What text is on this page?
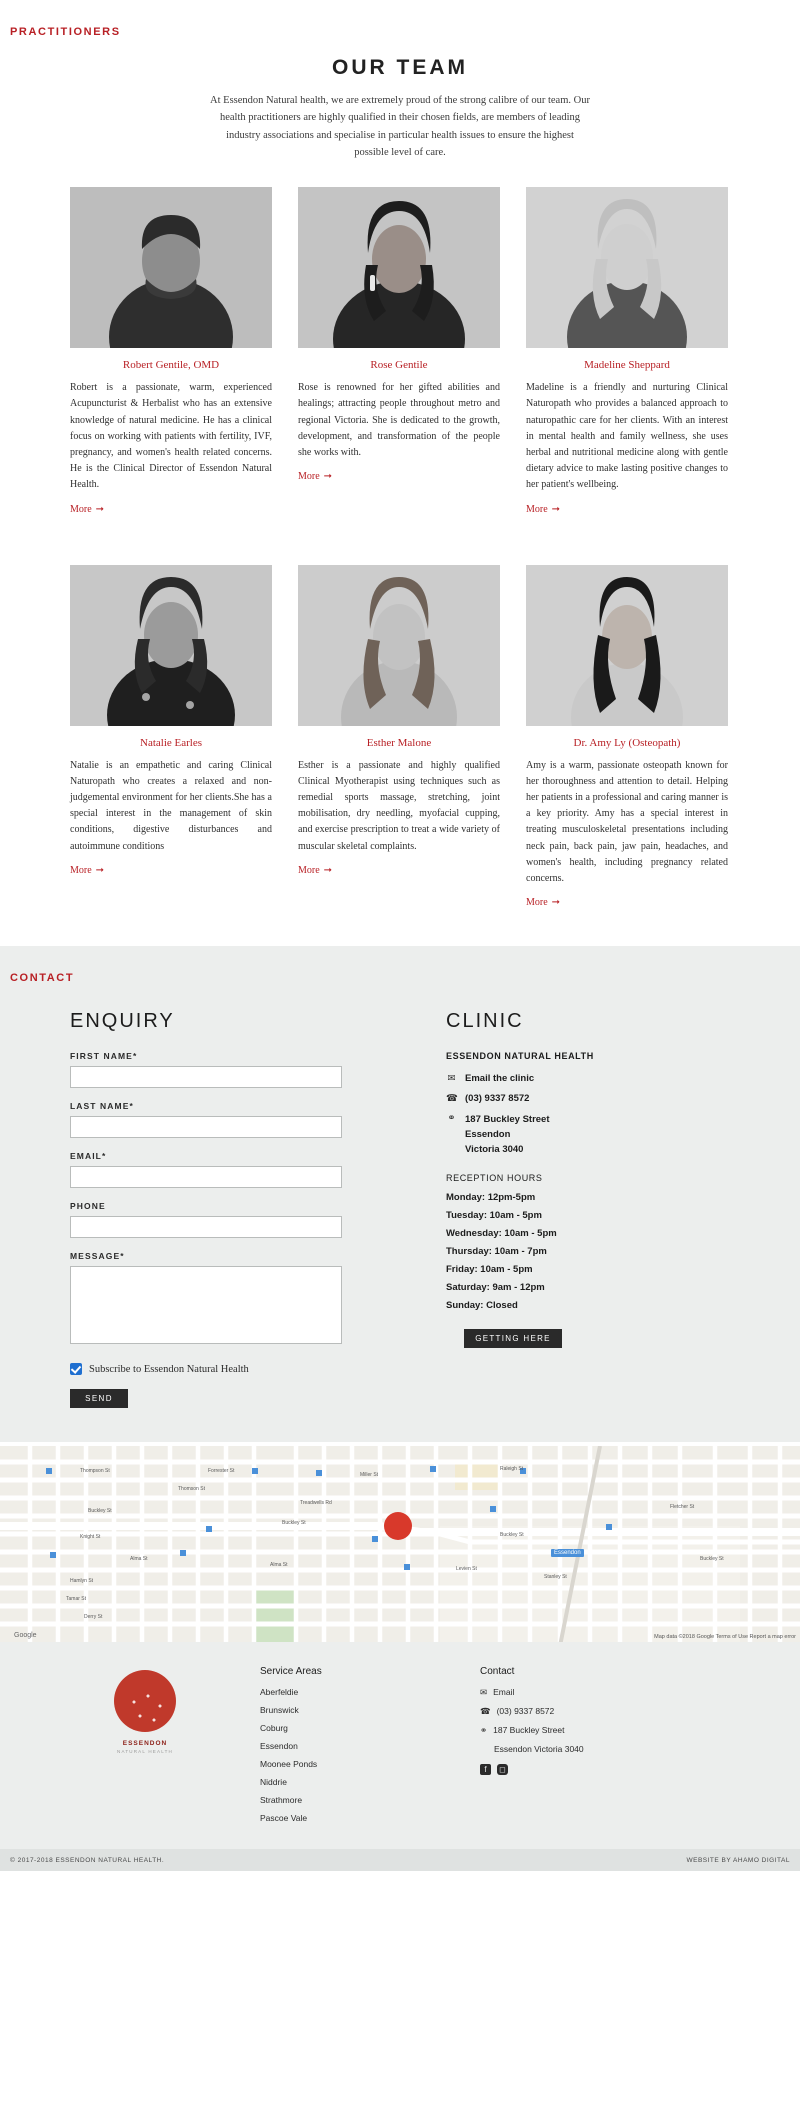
PRACTITIONERS
OUR TEAM
At Essendon Natural health, we are extremely proud of the strong calibre of our team. Our health practitioners are highly qualified in their chosen fields, are members of leading industry associations and specialise in particular health issues to ensure the highest possible level of care.
Robert Gentile, OMD
Robert is a passionate, warm, experienced Acupuncturist & Herbalist who has an extensive knowledge of natural medicine. He has a clinical focus on working with patients with fertility, IVF, pregnancy, and women's health related concerns. He is the Clinical Director of Essendon Natural Health.
More ➞
Rose Gentile
Rose is renowned for her gifted abilities and healings; attracting people throughout metro and regional Victoria. She is dedicated to the growth, development, and transformation of the people she works with.
More ➞
Madeline Sheppard
Madeline is a friendly and nurturing Clinical Naturopath who provides a balanced approach to naturopathic care for her clients. With an interest in mental health and family wellness, she uses herbal and nutritional medicine along with gentle dietary advice to make lasting positive changes to her patient's wellbeing.
More ➞
Natalie Earles
Natalie is an empathetic and caring Clinical Naturopath who creates a relaxed and non-judgemental environment for her clients.She has a special interest in the management of skin conditions, digestive disturbances and autoimmune conditions
More ➞
Esther Malone
Esther is a passionate and highly qualified Clinical Myotherapist using techniques such as remedial sports massage, stretching, joint mobilisation, dry needling, myofacial cupping, and exercise prescription to treat a wide variety of muscular skeletal complaints.
More ➞
Dr. Amy Ly (Osteopath)
Amy is a warm, passionate osteopath known for her thoroughness and attention to detail. Helping her patients in a professional and caring manner is a key priority. Amy has a special interest in treating musculoskeletal presentations including neck pain, back pain, jaw pain, headaches, and women's health, including pregnancy related concerns.
More ➞
CONTACT
ENQUIRY
FIRST NAME*
LAST NAME*
EMAIL*
PHONE
MESSAGE*
Subscribe to Essendon Natural Health
SEND
CLINIC
ESSENDON NATURAL HEALTH
✉ Email the clinic
☎ (03) 9337 8572
⚭ 187 Buckley Street
Essendon
Victoria 3040
RECEPTION HOURS
Monday: 12pm-5pm
Tuesday: 10am - 5pm
Wednesday: 10am - 5pm
Thursday: 10am - 7pm
Friday: 10am - 5pm
Saturday: 9am - 12pm
Sunday: Closed
GETTING HERE
Essendon
Thompson St	Forrester St
Miller St
Raleigh St
Thomson St
Buckley St
Buckley St
Buckley St
Buckley St
Fletcher St
Treadwells Rd
Knight St
Alma St
Alma St
Levien St
Hamlyn St
Tamar St
Derry St
Stanley St
Google	Map data ©2018 Google Terms of Use Report a map error
ESSENDON
NATURAL HEALTH
Service Areas
Aberfeldie
Brunswick
Coburg
Essendon
Moonee Ponds
Niddrie
Strathmore
Pascoe Vale
Contact
✉ Email
☎ (03) 9337 8572
⚭ 187 Buckley Street
Essendon Victoria 3040
f	◻
© 2017-2018 ESSENDON NATURAL HEALTH.	WEBSITE BY AHAMO DIGITAL
